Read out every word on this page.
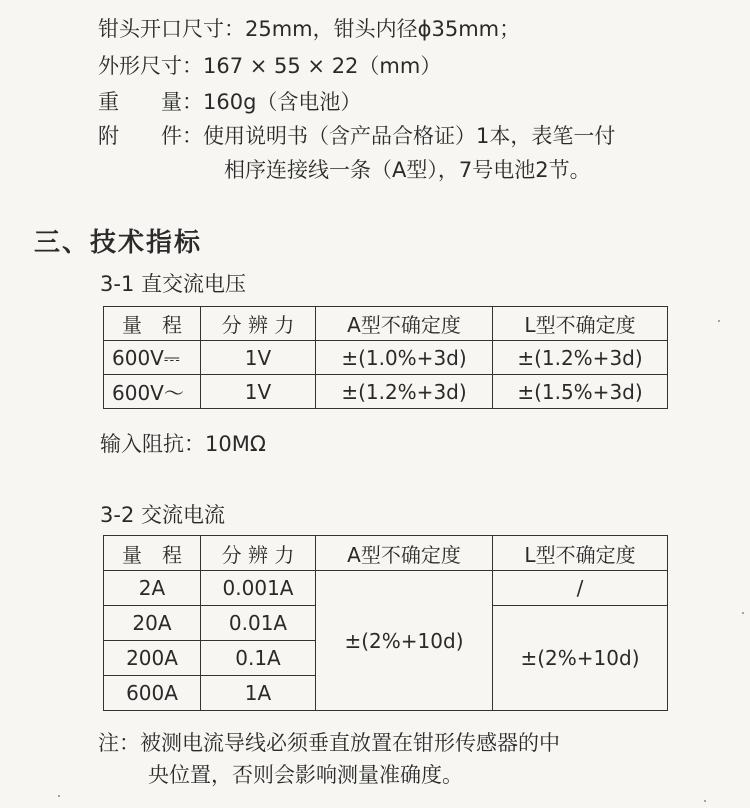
钳头开口尺寸：25mm，钳头内径ϕ35mm；
外形尺寸：167 × 55 × 22（mm）
重　　量：160g（含电池）
附　　件：使用说明书（含产品合格证）1本，表笔一付
相序连接线一条（A型），7号电池2节。
三、技术指标
3-1 直交流电压
量　程	分 辨 力	A型不确定度	L型不确定度
600V⎓	1V	±(1.0%+3d)	±(1.2%+3d)
600V～	1V	±(1.2%+3d)	±(1.5%+3d)
输入阻抗：10MΩ
3-2 交流电流
量　程	分 辨 力	A型不确定度	L型不确定度
2A	0.001A	±(2%+10d)	/
20A	0.01A		±(2%+10d)
200A	0.1A		
600A	1A		
注：被测电流导线必须垂直放置在钳形传感器的中
央位置，否则会影响测量准确度。
